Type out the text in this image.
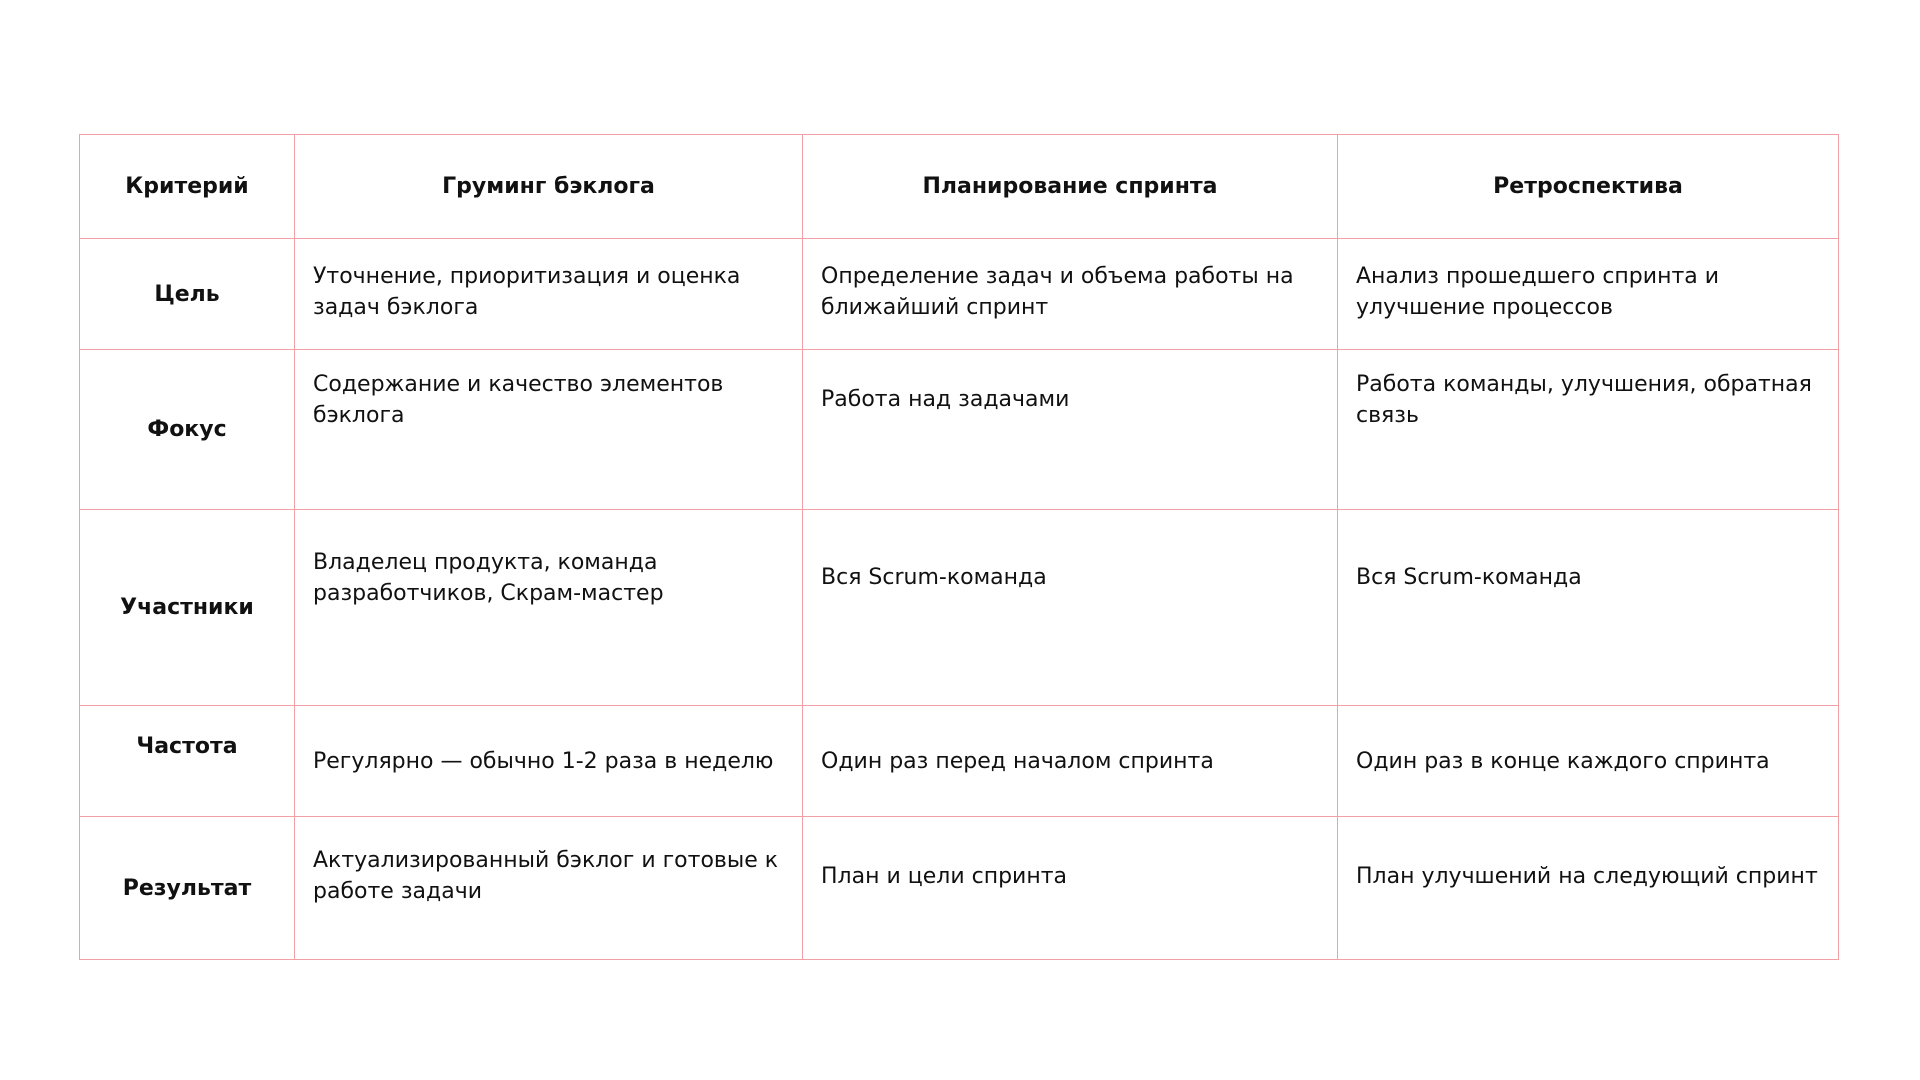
Критерий	Груминг бэклога	Планирование спринта	Ретроспектива
Цель	Уточнение, приоритизация и оценка задач бэклога	Определение задач и объема работы на ближайший спринт	Анализ прошедшего спринта и улучшение процессов

Фокус	Содержание и качество элементов бэклога	Работа над задачами	Работа команды, улучшения, обратная связь

Участники	Владелец продукта, команда разработчиков, Скрам-мастер	Вся Scrum-команда	Вся Scrum-команда

Частота	Регулярно — обычно 1-2 раза в неделю	Один раз перед началом спринта	Один раз в конце каждого спринта

Результат	Актуализированный бэклог и готовые к работе задачи	План и цели спринта	План улучшений на следующий спринт
